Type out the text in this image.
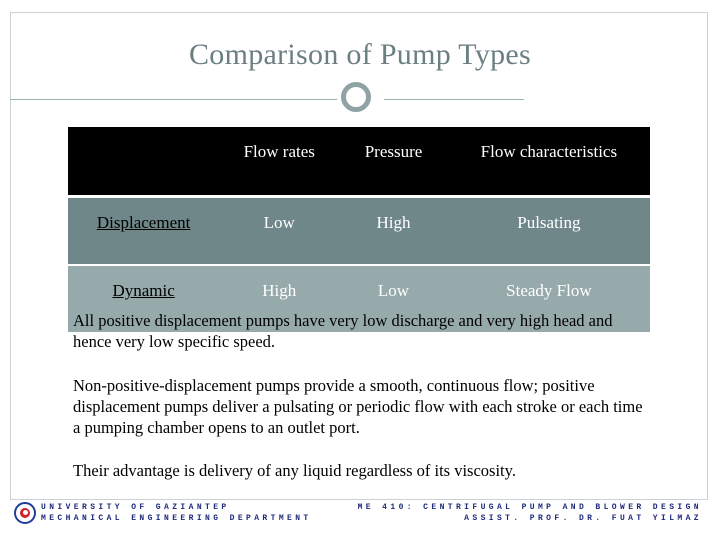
Comparison of Pump Types
	Flow rates	Pressure	Flow characteristics
Displacement	Low	High	Pulsating
Dynamic	High	Low	Steady Flow
All positive displacement pumps have very low discharge and very high head and hence very low specific speed.
Non-positive-displacement pumps provide a smooth, continuous flow; positive displacement pumps deliver a pulsating or periodic flow with each stroke or each time a pumping chamber opens to an outlet port.
Their advantage is delivery of any liquid regardless of its viscosity.
UNIVERSITY OF GAZIANTEP
MECHANICAL ENGINEERING DEPARTMENT
ME 410: CENTRIFUGAL PUMP AND BLOWER DESIGN
ASSIST. PROF. DR. FUAT YILMAZ
